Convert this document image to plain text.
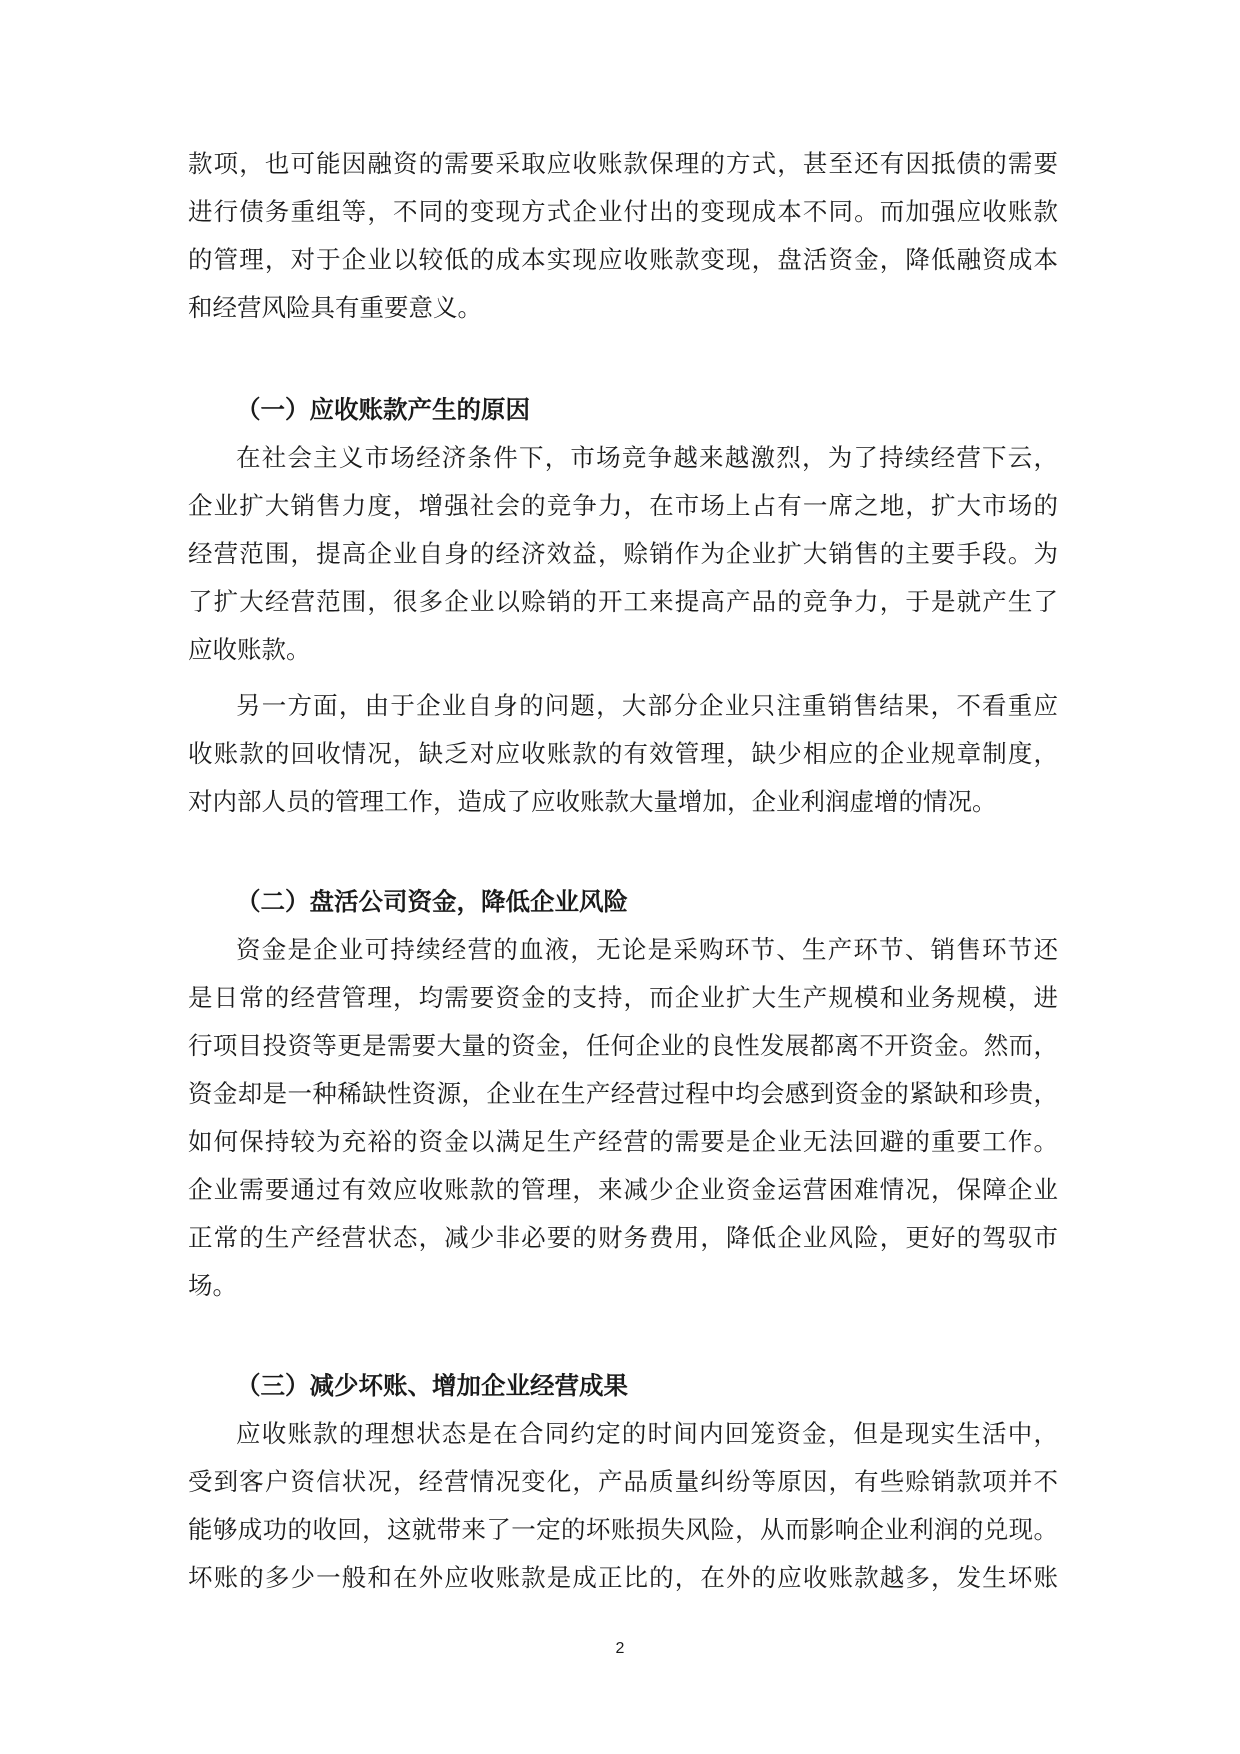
款项，也可能因融资的需要采取应收账款保理的方式，甚至还有因抵债的需要
进行债务重组等，不同的变现方式企业付出的变现成本不同。而加强应收账款
的管理，对于企业以较低的成本实现应收账款变现，盘活资金，降低融资成本
和经营风险具有重要意义。
（一）应收账款产生的原因
在社会主义市场经济条件下，市场竞争越来越激烈，为了持续经营下云，
企业扩大销售力度，增强社会的竞争力，在市场上占有一席之地，扩大市场的
经营范围，提高企业自身的经济效益，赊销作为企业扩大销售的主要手段。为
了扩大经营范围，很多企业以赊销的开工来提高产品的竞争力，于是就产生了
应收账款。
另一方面，由于企业自身的问题，大部分企业只注重销售结果，不看重应
收账款的回收情况，缺乏对应收账款的有效管理，缺少相应的企业规章制度，
对内部人员的管理工作，造成了应收账款大量增加，企业利润虚增的情况。
（二）盘活公司资金，降低企业风险
资金是企业可持续经营的血液，无论是采购环节、生产环节、销售环节还
是日常的经营管理，均需要资金的支持，而企业扩大生产规模和业务规模，进
行项目投资等更是需要大量的资金，任何企业的良性发展都离不开资金。然而，
资金却是一种稀缺性资源，企业在生产经营过程中均会感到资金的紧缺和珍贵，
如何保持较为充裕的资金以满足生产经营的需要是企业无法回避的重要工作。
企业需要通过有效应收账款的管理，来减少企业资金运营困难情况，保障企业
正常的生产经营状态，减少非必要的财务费用，降低企业风险，更好的驾驭市
场。
（三）减少坏账、增加企业经营成果
应收账款的理想状态是在合同约定的时间内回笼资金，但是现实生活中，
受到客户资信状况，经营情况变化，产品质量纠纷等原因，有些赊销款项并不
能够成功的收回，这就带来了一定的坏账损失风险，从而影响企业利润的兑现。
坏账的多少一般和在外应收账款是成正比的，在外的应收账款越多，发生坏账
2
